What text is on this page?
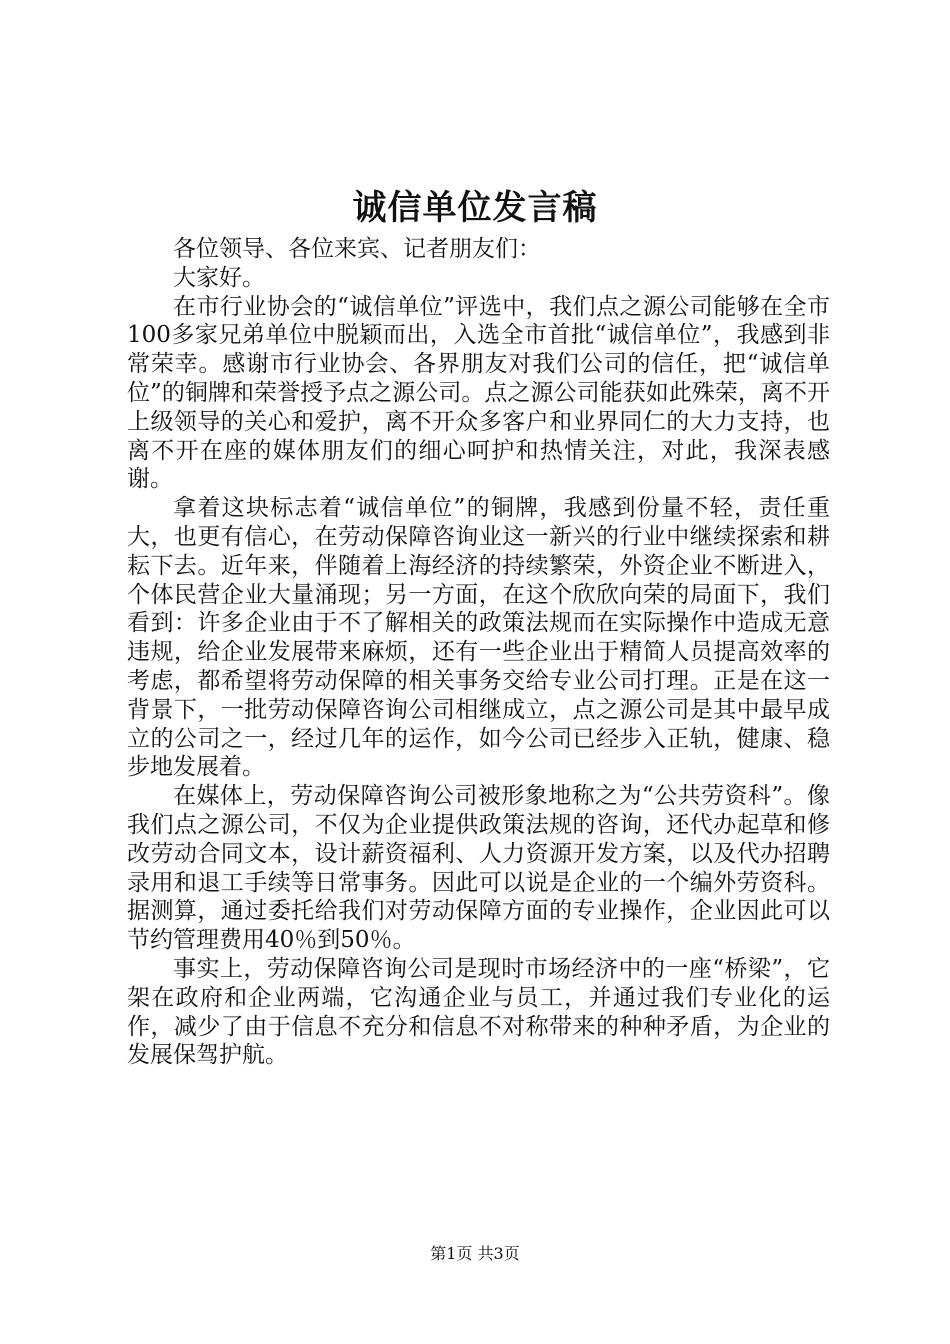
诚信单位发言稿

各位领导、各位来宾、记者朋友们：

大家好。

在市行业协会的“诚信单位”评选中，我们点之源公司能够在全市100多家兄弟单位中脱颖而出，入选全市首批“诚信单位”，我感到非常荣幸。感谢市行业协会、各界朋友对我们公司的信任，把“诚信单位”的铜牌和荣誉授予点之源公司。点之源公司能获如此殊荣，离不开上级领导的关心和爱护，离不开众多客户和业界同仁的大力支持，也离不开在座的媒体朋友们的细心呵护和热情关注，对此，我深表感谢。

拿着这块标志着“诚信单位”的铜牌，我感到份量不轻，责任重大，也更有信心，在劳动保障咨询业这一新兴的行业中继续探索和耕耘下去。近年来，伴随着上海经济的持续繁荣，外资企业不断进入，个体民营企业大量涌现；另一方面，在这个欣欣向荣的局面下，我们看到：许多企业由于不了解相关的政策法规而在实际操作中造成无意违规，给企业发展带来麻烦，还有一些企业出于精简人员提高效率的考虑，都希望将劳动保障的相关事务交给专业公司打理。正是在这一背景下，一批劳动保障咨询公司相继成立，点之源公司是其中最早成立的公司之一，经过几年的运作，如今公司已经步入正轨，健康、稳步地发展着。

在媒体上，劳动保障咨询公司被形象地称之为“公共劳资科”。像我们点之源公司，不仅为企业提供政策法规的咨询，还代办起草和修改劳动合同文本，设计薪资福利、人力资源开发方案，以及代办招聘录用和退工手续等日常事务。因此可以说是企业的一个编外劳资科。据测算，通过委托给我们对劳动保障方面的专业操作，企业因此可以节约管理费用40％到50％。

事实上，劳动保障咨询公司是现时市场经济中的一座“桥梁”，它架在政府和企业两端，它沟通企业与员工，并通过我们专业化的运作，减少了由于信息不充分和信息不对称带来的种种矛盾，为企业的发展保驾护航。

第1页 共3页
